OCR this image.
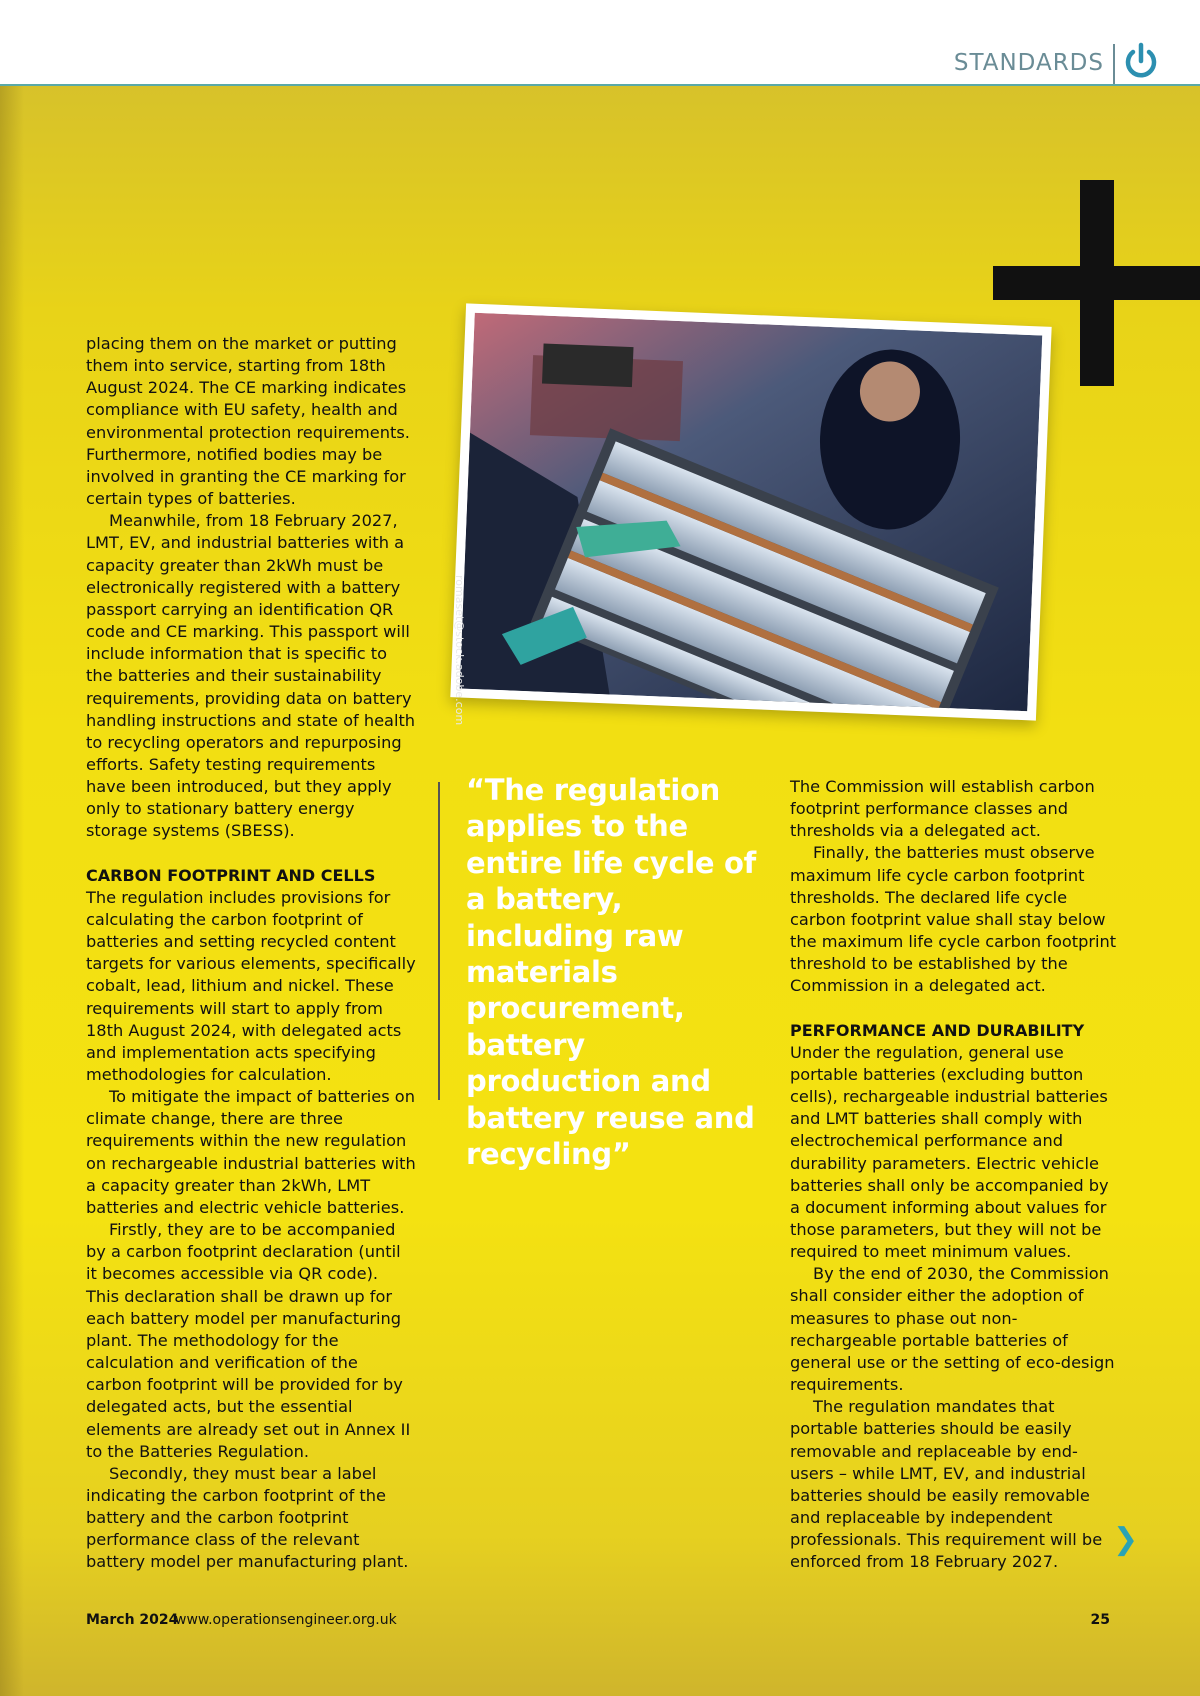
STANDARDS
romaset@stock.adobe.com

placing them on the market or putting them into service, starting from 18th August 2024. The CE marking indicates compliance with EU safety, health and environmental protection requirements. Furthermore, notified bodies may be involved in granting the CE marking for certain types of batteries.

Meanwhile, from 18 February 2027, LMT, EV, and industrial batteries with a capacity greater than 2kWh must be electronically registered with a battery passport carrying an identification QR code and CE marking. This passport will include information that is specific to the batteries and their sustainability requirements, providing data on battery handling instructions and state of health to recycling operators and repurposing efforts. Safety testing requirements have been introduced, but they apply only to stationary battery energy storage systems (SBESS).

CARBON FOOTPRINT AND CELLS

The regulation includes provisions for calculating the carbon footprint of batteries and setting recycled content targets for various elements, specifically cobalt, lead, lithium and nickel. These requirements will start to apply from 18th August 2024, with delegated acts and implementation acts specifying methodologies for calculation.

To mitigate the impact of batteries on climate change, there are three requirements within the new regulation on rechargeable industrial batteries with a capacity greater than 2kWh, LMT batteries and electric vehicle batteries.

Firstly, they are to be accompanied by a carbon footprint declaration (until it becomes accessible via QR code). This declaration shall be drawn up for each battery model per manufacturing plant. The methodology for the calculation and verification of the carbon footprint will be provided for by delegated acts, but the essential elements are already set out in Annex II to the Batteries Regulation.

Secondly, they must bear a label indicating the carbon footprint of the battery and the carbon footprint performance class of the relevant battery model per manufacturing plant.

“The regulation applies to the entire life cycle of a battery, including raw materials procurement, battery production and battery reuse and recycling”

The Commission will establish carbon footprint performance classes and thresholds via a delegated act.

Finally, the batteries must observe maximum life cycle carbon footprint thresholds. The declared life cycle carbon footprint value shall stay below the maximum life cycle carbon footprint threshold to be established by the Commission in a delegated act.

PERFORMANCE AND DURABILITY

Under the regulation, general use portable batteries (excluding button cells), rechargeable industrial batteries and LMT batteries shall comply with electrochemical performance and durability parameters. Electric vehicle batteries shall only be accompanied by a document informing about values for those parameters, but they will not be required to meet minimum values.

By the end of 2030, the Commission shall consider either the adoption of measures to phase out non-rechargeable portable batteries of general use or the setting of eco-design requirements.

The regulation mandates that portable batteries should be easily removable and replaceable by end-users – while LMT, EV, and industrial batteries should be easily removable and replaceable by independent professionals. This requirement will be enforced from 18 February 2027.

❯
March 2024
www.operationsengineer.org.uk	25
